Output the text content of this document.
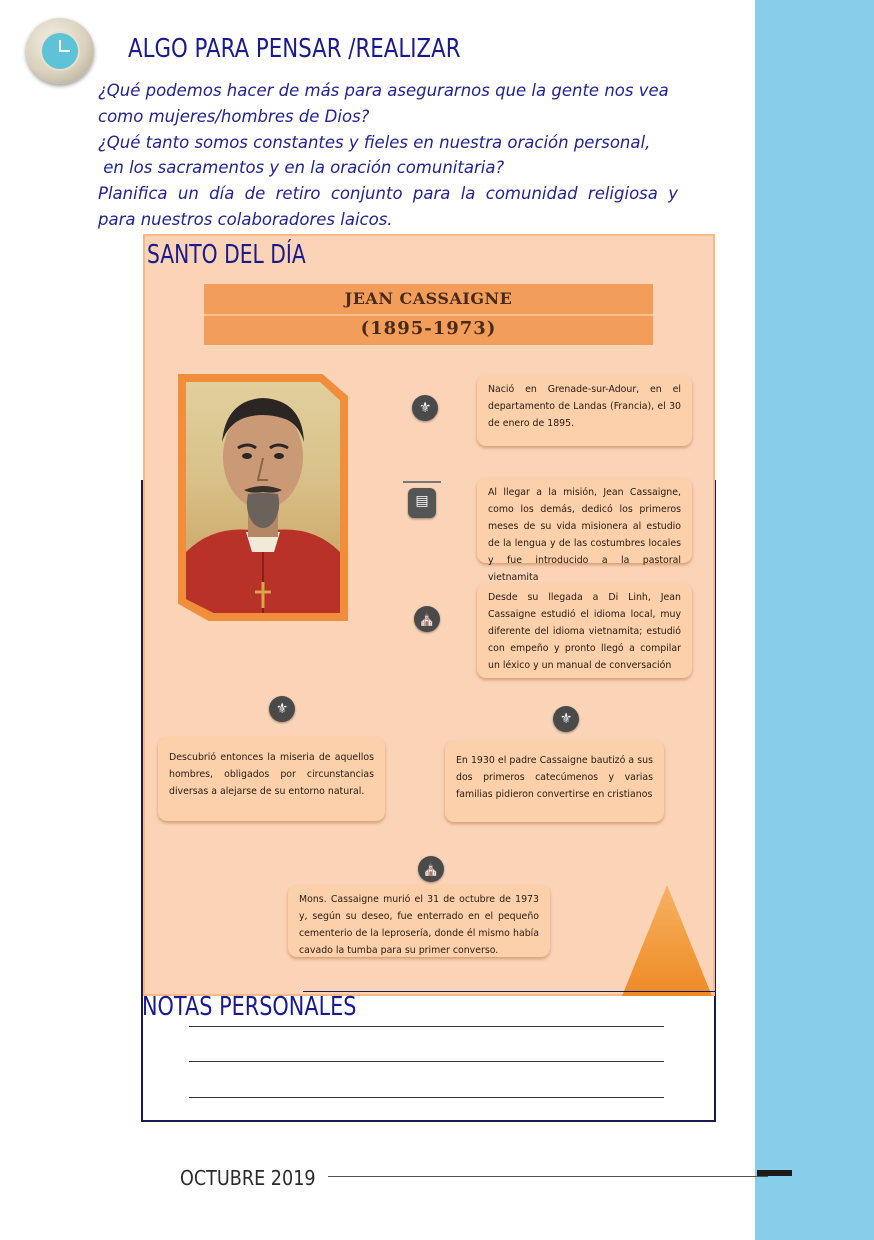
ALGO PARA PENSAR /REALIZAR

¿Qué podemos hacer de más para asegurarnos que la gente nos vea

como mujeres/hombres de Dios?

¿Qué tanto somos constantes y fieles en nuestra oración personal,

en los sacramentos y en la oración comunitaria?

Planifica un día de retiro conjunto para la comunidad religiosa y

para nuestros colaboradores laicos.

SANTO DEL DÍA
JEAN CASSAIGNE
(1895-1973)
⚜
▤
⛪
⚜
⚜
⛪
Nació en Grenade-sur-Adour, en el departamento de Landas (Francia), el 30 de enero de 1895.
Al llegar a la misión, Jean Cassaigne, como los demás, dedicó los primeros meses de su vida misionera al estudio de la lengua y de las costumbres locales y fue introducido a la pastoral vietnamita
Desde su llegada a Di Linh, Jean Cassaigne estudió el idioma local, muy diferente del idioma vietnamita; estudió con empeño y pronto llegó a compilar un léxico y un manual de conversación
Descubrió entonces la miseria de aquellos hombres, obligados por circunstancias diversas a alejarse de su entorno natural.
En 1930 el padre Cassaigne bautizó a sus dos primeros catecúmenos y varias familias pidieron convertirse en cristianos
Mons. Cassaigne murió el 31 de octubre de 1973 y, según su deseo, fue enterrado en el pequeño cementerio de la leprosería, donde él mismo había cavado la tumba para su primer converso.
NOTAS PERSONALES
OCTUBRE 2019
